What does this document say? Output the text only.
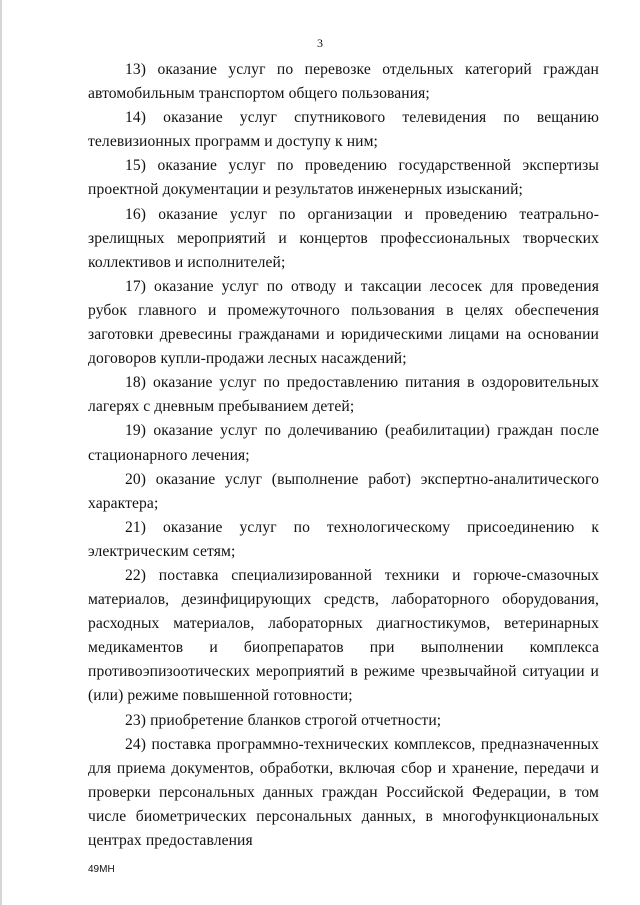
3

13) оказание услуг по перевозке отдельных категорий граждан автомобильным транспортом общего пользования;

14) оказание услуг спутникового телевидения по вещанию телевизионных программ и доступу к ним;

15) оказание услуг по проведению государственной экспертизы проектной документации и результатов инженерных изысканий;

16) оказание услуг по организации и проведению театрально-зрелищных мероприятий и концертов профессиональных творческих коллективов и исполнителей;

17) оказание услуг по отводу и таксации лесосек для проведения рубок главного и промежуточного пользования в целях обеспечения заготовки древесины гражданами и юридическими лицами на основании договоров купли-продажи лесных насаждений;

18) оказание услуг по предоставлению питания в оздоровительных лагерях с дневным пребыванием детей;

19) оказание услуг по долечиванию (реабилитации) граждан после стационарного лечения;

20) оказание услуг (выполнение работ) экспертно-аналитического характера;

21) оказание услуг по технологическому присоединению к электрическим сетям;

22) поставка специализированной техники и горюче-смазочных материалов, дезинфицирующих средств, лабораторного оборудования, расходных материалов, лабораторных диагностикумов, ветеринарных медикаментов и биопрепаратов при выполнении комплекса противоэпизоотических мероприятий в режиме чрезвычайной ситуации и (или) режиме повышенной готовности;

23) приобретение бланков строгой отчетности;

24) поставка программно-технических комплексов, предназначенных для приема документов, обработки, включая сбор и хранение, передачи и проверки персональных данных граждан Российской Федерации, в том числе биометрических персональных данных, в многофункциональных центрах предоставления

49МН
